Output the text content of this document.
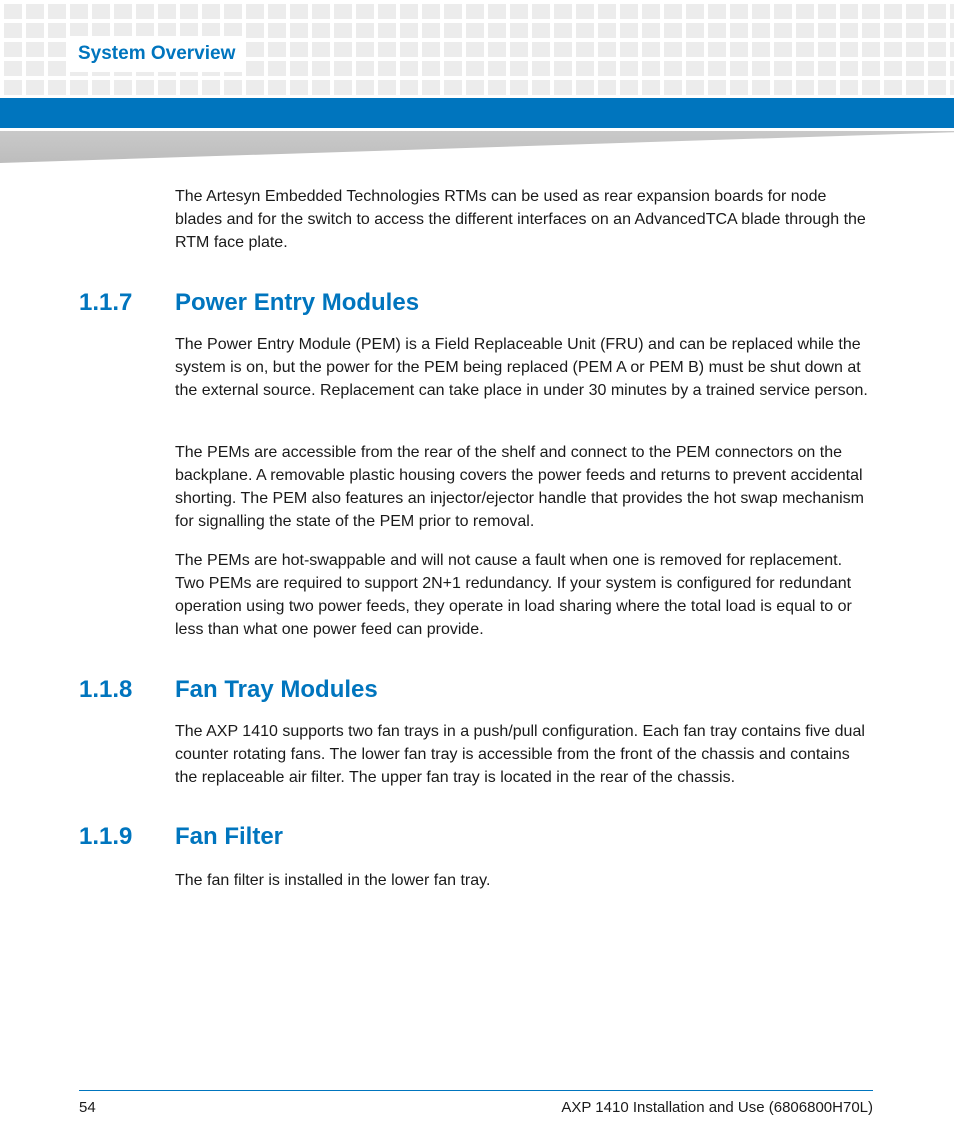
System Overview

The Artesyn Embedded Technologies RTMs can be used as rear expansion boards for node blades and for the switch to access the different interfaces on an AdvancedTCA blade through the RTM face plate.

1.1.7 Power Entry Modules

The Power Entry Module (PEM) is a Field Replaceable Unit (FRU) and can be replaced while the system is on, but the power for the PEM being replaced (PEM A or PEM B) must be shut down at the external source. Replacement can take place in under 30 minutes by a trained service person.

The PEMs are accessible from the rear of the shelf and connect to the PEM connectors on the backplane. A removable plastic housing covers the power feeds and returns to prevent accidental shorting. The PEM also features an injector/ejector handle that provides the hot swap mechanism for signalling the state of the PEM prior to removal.

The PEMs are hot-swappable and will not cause a fault when one is removed for replacement. Two PEMs are required to support 2N+1 redundancy. If your system is configured for redundant operation using two power feeds, they operate in load sharing where the total load is equal to or less than what one power feed can provide.

1.1.8 Fan Tray Modules

The AXP 1410 supports two fan trays in a push/pull configuration. Each fan tray contains five dual counter rotating fans. The lower fan tray is accessible from the front of the chassis and contains the replaceable air filter. The upper fan tray is located in the rear of the chassis.

1.1.9 Fan Filter

The fan filter is installed in the lower fan tray.

54	AXP 1410 Installation and Use (6806800H70L)
